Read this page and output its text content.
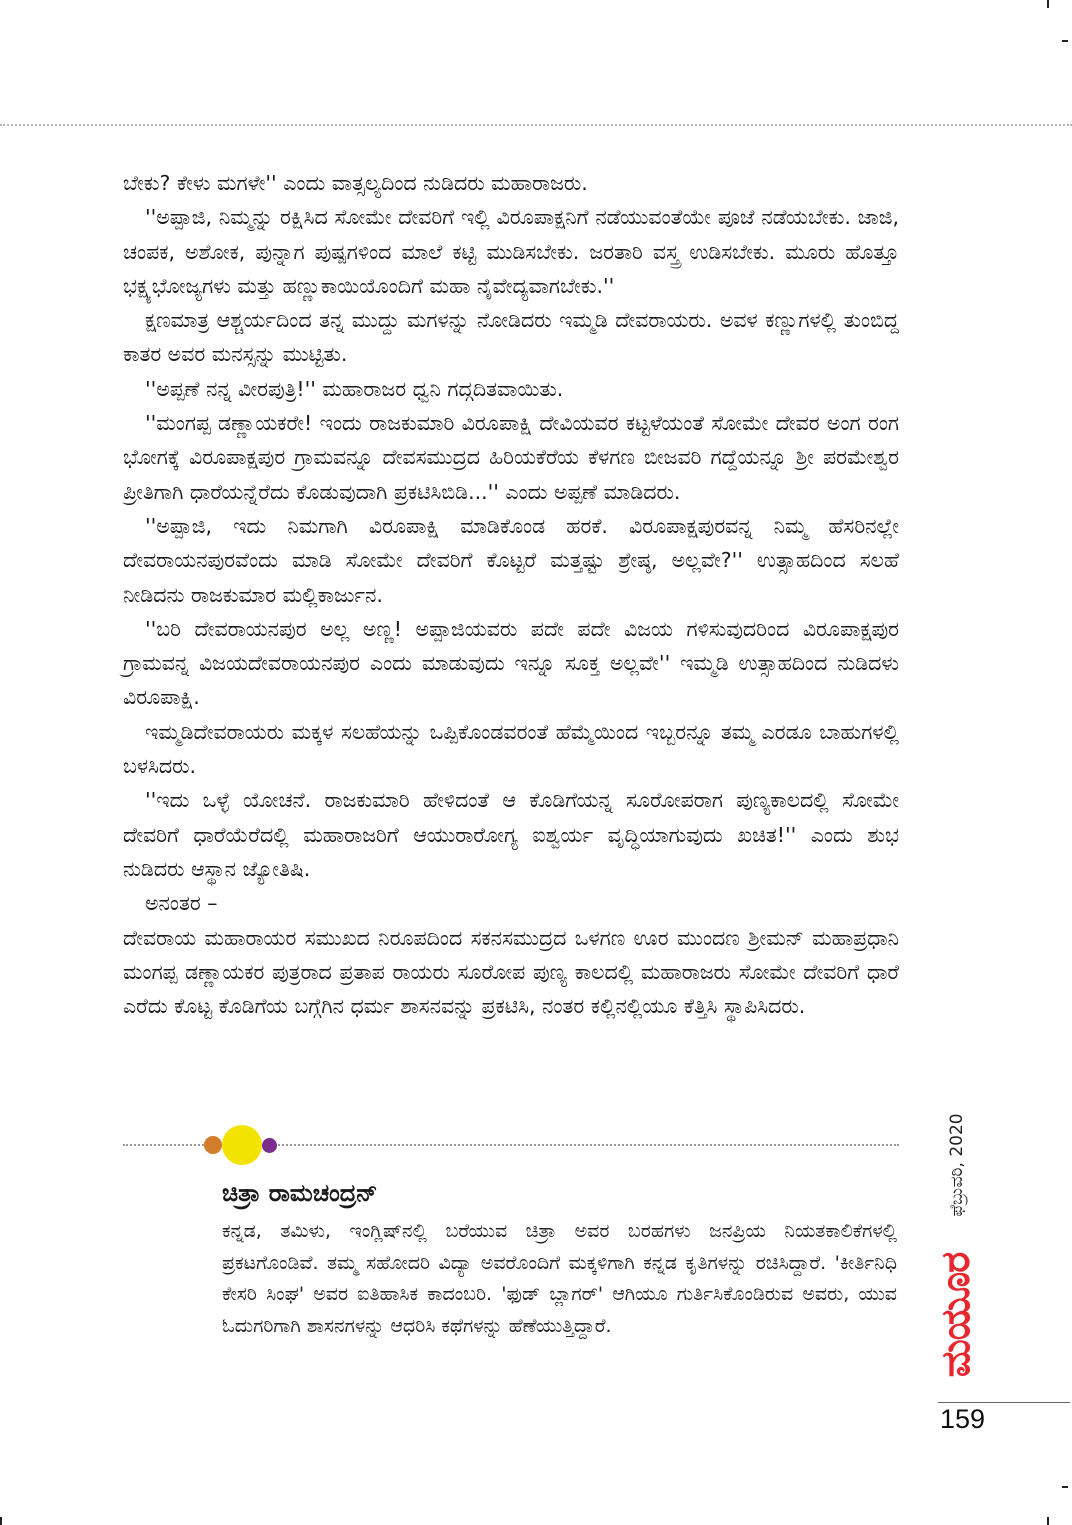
ಬೇಕು? ಕೇಳು ಮಗಳೇ'' ಎಂದು ವಾತ್ಸಲ್ಯದಿಂದ ನುಡಿದರು ಮಹಾರಾಜರು.

''ಅಪ್ಪಾಜಿ, ನಿಮ್ಮನ್ನು ರಕ್ಷಿಸಿದ ಸೋಮೇ ದೇವರಿಗೆ ಇಲ್ಲಿ ವಿರೂಪಾಕ್ಷನಿಗೆ ನಡೆಯುವಂತೆಯೇ ಪೂಜೆ ನಡೆಯಬೇಕು. ಜಾಜಿ, ಚಂಪಕ, ಅಶೋಕ, ಪುನ್ನಾಗ ಪುಷ್ಪಗಳಿಂದ ಮಾಲೆ ಕಟ್ಟಿ ಮುಡಿಸಬೇಕು. ಜರತಾರಿ ವಸ್ತ್ರ ಉಡಿಸಬೇಕು. ಮೂರು ಹೊತ್ತೂ ಭಕ್ಷ್ಯಭೋಜ್ಯಗಳು ಮತ್ತು ಹಣ್ಣುಕಾಯಿಯೊಂದಿಗೆ ಮಹಾ ನೈವೇದ್ಯವಾಗಬೇಕು.''

ಕ್ಷಣಮಾತ್ರ ಆಶ್ಚರ್ಯದಿಂದ ತನ್ನ ಮುದ್ದು ಮಗಳನ್ನು ನೋಡಿದರು ಇಮ್ಮಡಿ ದೇವರಾಯರು. ಅವಳ ಕಣ್ಣುಗಳಲ್ಲಿ ತುಂಬಿದ್ದ ಕಾತರ ಅವರ ಮನಸ್ಸನ್ನು ಮುಟ್ಟಿತು.

''ಅಪ್ಪಣೆ ನನ್ನ ವೀರಪುತ್ರಿ!'' ಮಹಾರಾಜರ ಧ್ವನಿ ಗದ್ಗದಿತವಾಯಿತು.

''ಮಂಗಪ್ಪ ಡಣ್ಣಾಯಕರೇ! ಇಂದು ರಾಜಕುಮಾರಿ ವಿರೂಪಾಕ್ಷಿ ದೇವಿಯವರ ಕಟ್ಟಳೆಯಂತೆ ಸೋಮೇ ದೇವರ ಅಂಗ ರಂಗ ಭೋಗಕ್ಕೆ ವಿರೂಪಾಕ್ಷಪುರ ಗ್ರಾಮವನ್ನೂ ದೇವಸಮುದ್ರದ ಹಿರಿಯಕೆರೆಯ ಕೆಳಗಣ ಬೀಜವರಿ ಗದ್ದೆಯನ್ನೂ ಶ್ರೀ ಪರಮೇಶ್ವರ ಪ್ರೀತಿಗಾಗಿ ಧಾರೆಯನ್ನೆರೆದು ಕೊಡುವುದಾಗಿ ಪ್ರಕಟಿಸಿಬಿಡಿ...'' ಎಂದು ಅಪ್ಪಣೆ ಮಾಡಿದರು.

''ಅಪ್ಪಾಜಿ, ಇದು ನಿಮಗಾಗಿ ವಿರೂಪಾಕ್ಷಿ ಮಾಡಿಕೊಂಡ ಹರಕೆ. ವಿರೂಪಾಕ್ಷಪುರವನ್ನ ನಿಮ್ಮ ಹೆಸರಿನಲ್ಲೇ ದೇವರಾಯನಪುರವೆಂದು ಮಾಡಿ ಸೋಮೇ ದೇವರಿಗೆ ಕೊಟ್ಟರೆ ಮತ್ತಷ್ಟು ಶ್ರೇಷ್ಠ, ಅಲ್ಲವೇ?'' ಉತ್ಸಾಹದಿಂದ ಸಲಹೆ ನೀಡಿದನು ರಾಜಕುಮಾರ ಮಲ್ಲಿಕಾರ್ಜುನ.

''ಬರಿ ದೇವರಾಯನಪುರ ಅಲ್ಲ ಅಣ್ಣ! ಅಪ್ಪಾಜಿಯವರು ಪದೇ ಪದೇ ವಿಜಯ ಗಳಿಸುವುದರಿಂದ ವಿರೂಪಾಕ್ಷಪುರ ಗ್ರಾಮವನ್ನ ವಿಜಯದೇವರಾಯನಪುರ ಎಂದು ಮಾಡುವುದು ಇನ್ನೂ ಸೂಕ್ತ ಅಲ್ಲವೇ'' ಇಮ್ಮಡಿ ಉತ್ಸಾಹದಿಂದ ನುಡಿದಳು ವಿರೂಪಾಕ್ಷಿ.

ಇಮ್ಮಡಿದೇವರಾಯರು ಮಕ್ಕಳ ಸಲಹೆಯನ್ನು ಒಪ್ಪಿಕೊಂಡವರಂತೆ ಹೆಮ್ಮೆಯಿಂದ ಇಬ್ಬರನ್ನೂ ತಮ್ಮ ಎರಡೂ ಬಾಹುಗಳಲ್ಲಿ ಬಳಸಿದರು.

''ಇದು ಒಳ್ಳೆ ಯೋಚನೆ. ರಾಜಕುಮಾರಿ ಹೇಳಿದಂತೆ ಆ ಕೊಡಿಗೆಯನ್ನ ಸೂರೋಪರಾಗ ಪುಣ್ಯಕಾಲದಲ್ಲಿ ಸೋಮೇ ದೇವರಿಗೆ ಧಾರೆಯೆರೆದಲ್ಲಿ ಮಹಾರಾಜರಿಗೆ ಆಯುರಾರೋಗ್ಯ ಐಶ್ವರ್ಯ ವೃದ್ಧಿಯಾಗುವುದು ಖಚಿತ!'' ಎಂದು ಶುಭ ನುಡಿದರು ಆಸ್ಥಾನ ಜ್ಯೋತಿಷಿ.

ಅನಂತರ –

ದೇವರಾಯ ಮಹಾರಾಯರ ಸಮುಖದ ನಿರೂಪದಿಂದ ಸಕನಸಮುದ್ರದ ಒಳಗಣ ಊರ ಮುಂದಣ ಶ್ರೀಮನ್ ಮಹಾಪ್ರಧಾನಿ ಮಂಗಪ್ಪ ಡಣ್ಣಾಯಕರ ಪುತ್ರರಾದ ಪ್ರತಾಪ ರಾಯರು ಸೂರೋಪ ಪುಣ್ಯ ಕಾಲದಲ್ಲಿ ಮಹಾರಾಜರು ಸೋಮೇ ದೇವರಿಗೆ ಧಾರೆ ಎರೆದು ಕೊಟ್ಟ ಕೊಡಿಗೆಯ ಬಗ್ಗೆಗಿನ ಧರ್ಮ ಶಾಸನವನ್ನು ಪ್ರಕಟಿಸಿ, ನಂತರ ಕಲ್ಲಿನಲ್ಲಿಯೂ ಕೆತ್ತಿಸಿ ಸ್ಥಾಪಿಸಿದರು.

ಚಿತ್ರಾ ರಾಮಚಂದ್ರನ್
ಕನ್ನಡ, ತಮಿಳು, ಇಂಗ್ಲಿಷ್‌ನಲ್ಲಿ ಬರೆಯುವ ಚಿತ್ರಾ ಅವರ ಬರಹಗಳು ಜನಪ್ರಿಯ ನಿಯತಕಾಲಿಕೆಗಳಲ್ಲಿ ಪ್ರಕಟಗೊಂಡಿವೆ. ತಮ್ಮ ಸಹೋದರಿ ವಿದ್ಯಾ ಅವರೊಂದಿಗೆ ಮಕ್ಕಳಿಗಾಗಿ ಕನ್ನಡ ಕೃತಿಗಳನ್ನು ರಚಿಸಿದ್ದಾರೆ. 'ಕೀರ್ತಿನಿಧಿ ಕೇಸರಿ ಸಿಂಘ' ಅವರ ಐತಿಹಾಸಿಕ ಕಾದಂಬರಿ. 'ಫುಡ್ ಬ್ಲಾಗರ್' ಆಗಿಯೂ ಗುರ್ತಿಸಿಕೊಂಡಿರುವ ಅವರು, ಯುವ ಓದುಗರಿಗಾಗಿ ಶಾಸನಗಳನ್ನು ಆಧರಿಸಿ ಕಥೆಗಳನ್ನು ಹೆಣೆಯುತ್ತಿದ್ದಾರೆ.
ಫೆಬ್ರುವರಿ, 2020
ಮಯೂರ
159
